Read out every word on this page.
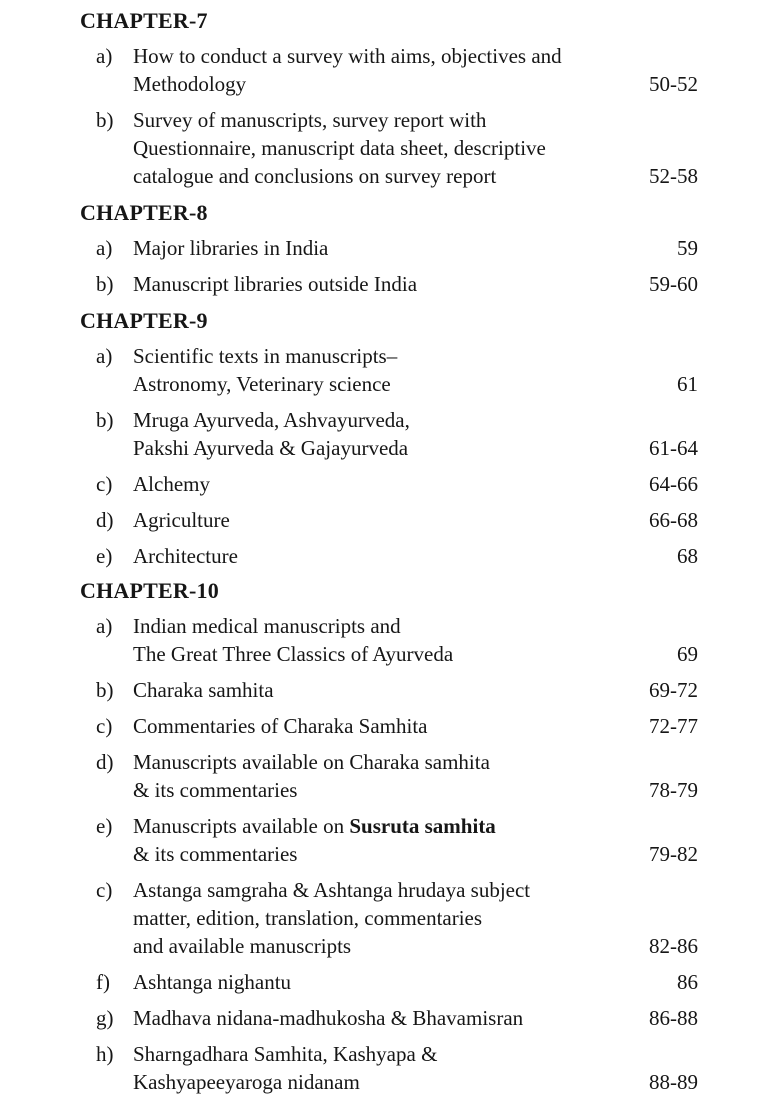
CHAPTER-7
a) How to conduct a survey with aims, objectives and
Methodology	50-52
b) Survey of manuscripts, survey report with
Questionnaire, manuscript data sheet, descriptive
catalogue and conclusions on survey report	52-58
CHAPTER-8
a) Major libraries in India	59
b) Manuscript libraries outside India	59-60
CHAPTER-9
a) Scientific texts in manuscripts–
Astronomy, Veterinary science	61
b) Mruga Ayurveda, Ashvayurveda,
Pakshi Ayurveda & Gajayurveda	61-64
c) Alchemy	64-66
d) Agriculture	66-68
e) Architecture	68
CHAPTER-10
a) Indian medical manuscripts and
The Great Three Classics of Ayurveda	69
b) Charaka samhita	69-72
c) Commentaries of Charaka Samhita	72-77
d) Manuscripts available on Charaka samhita
& its commentaries	78-79
e) Manuscripts available on Susruta samhita
& its commentaries	79-82
c) Astanga samgraha & Ashtanga hrudaya subject
matter, edition, translation, commentaries
and available manuscripts	82-86
f)	Ashtanga nighantu	86
g) Madhava nidana-madhukosha & Bhavamisran	86-88
h) Sharngadhara Samhita, Kashyapa &
Kashyapeeyaroga nidanam	88-89
